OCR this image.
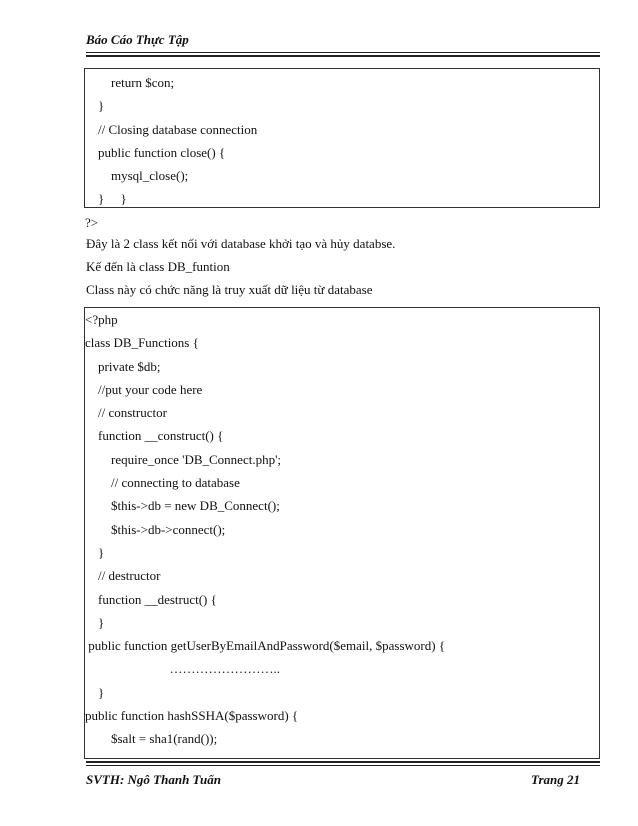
Báo Cáo Thực Tập
return $con;
}
// Closing database connection
public function close() {
mysql_close();
}     }
?>
Đây là 2 class kết nối với database khởi tạo và hủy databse.
Kế đến là class DB_funtion
Class này có chức năng là truy xuất dữ liệu từ database
<?php
class DB_Functions {
private $db;
//put your code here
// constructor
function __construct() {
require_once 'DB_Connect.php';
// connecting to database
$this->db = new DB_Connect();
$this->db->connect();
}
// destructor
function __destruct() {
}
public function getUserByEmailAndPassword($email, $password) {
……………………..
}
public function hashSSHA($password) {
$salt = sha1(rand());
SVTH: Ngô Thanh Tuấn	Trang 21
